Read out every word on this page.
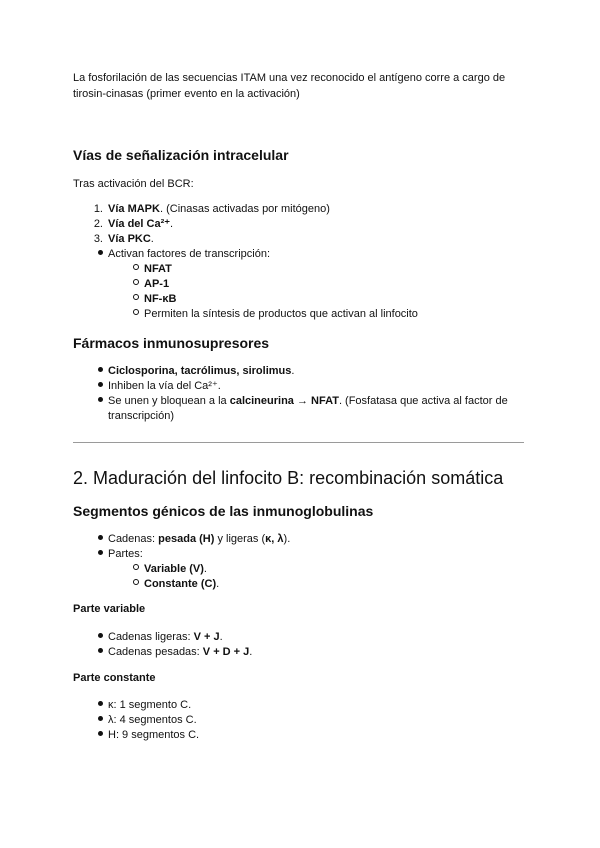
La fosforilación de las secuencias ITAM una vez reconocido el antígeno corre a cargo de
tirosin-cinasas (primer evento en la activación)

Vías de señalización intracelular

Tras activación del BCR:

1. Vía MAPK. (Cinasas activadas por mitógeno)
2. Vía del Ca²⁺.
3. Vía PKC.
Activan factores de transcripción:
NFAT
AP-1
NF-κB
Permiten la síntesis de productos que activan al linfocito
Fármacos inmunosupresores
Ciclosporina, tacrólimus, sirolimus.
Inhiben la vía del Ca²⁺.
Se unen y bloquean a la calcineurina → NFAT. (Fosfatasa que activa al factor de
transcripción)
2. Maduración del linfocito B: recombinación somática
Segmentos génicos de las inmunoglobulinas
Cadenas: pesada (H) y ligeras (κ, λ).
Partes:
Variable (V).
Constante (C).
Parte variable
Cadenas ligeras: V + J.
Cadenas pesadas: V + D + J.
Parte constante
κ: 1 segmento C.
λ: 4 segmentos C.
H: 9 segmentos C.
